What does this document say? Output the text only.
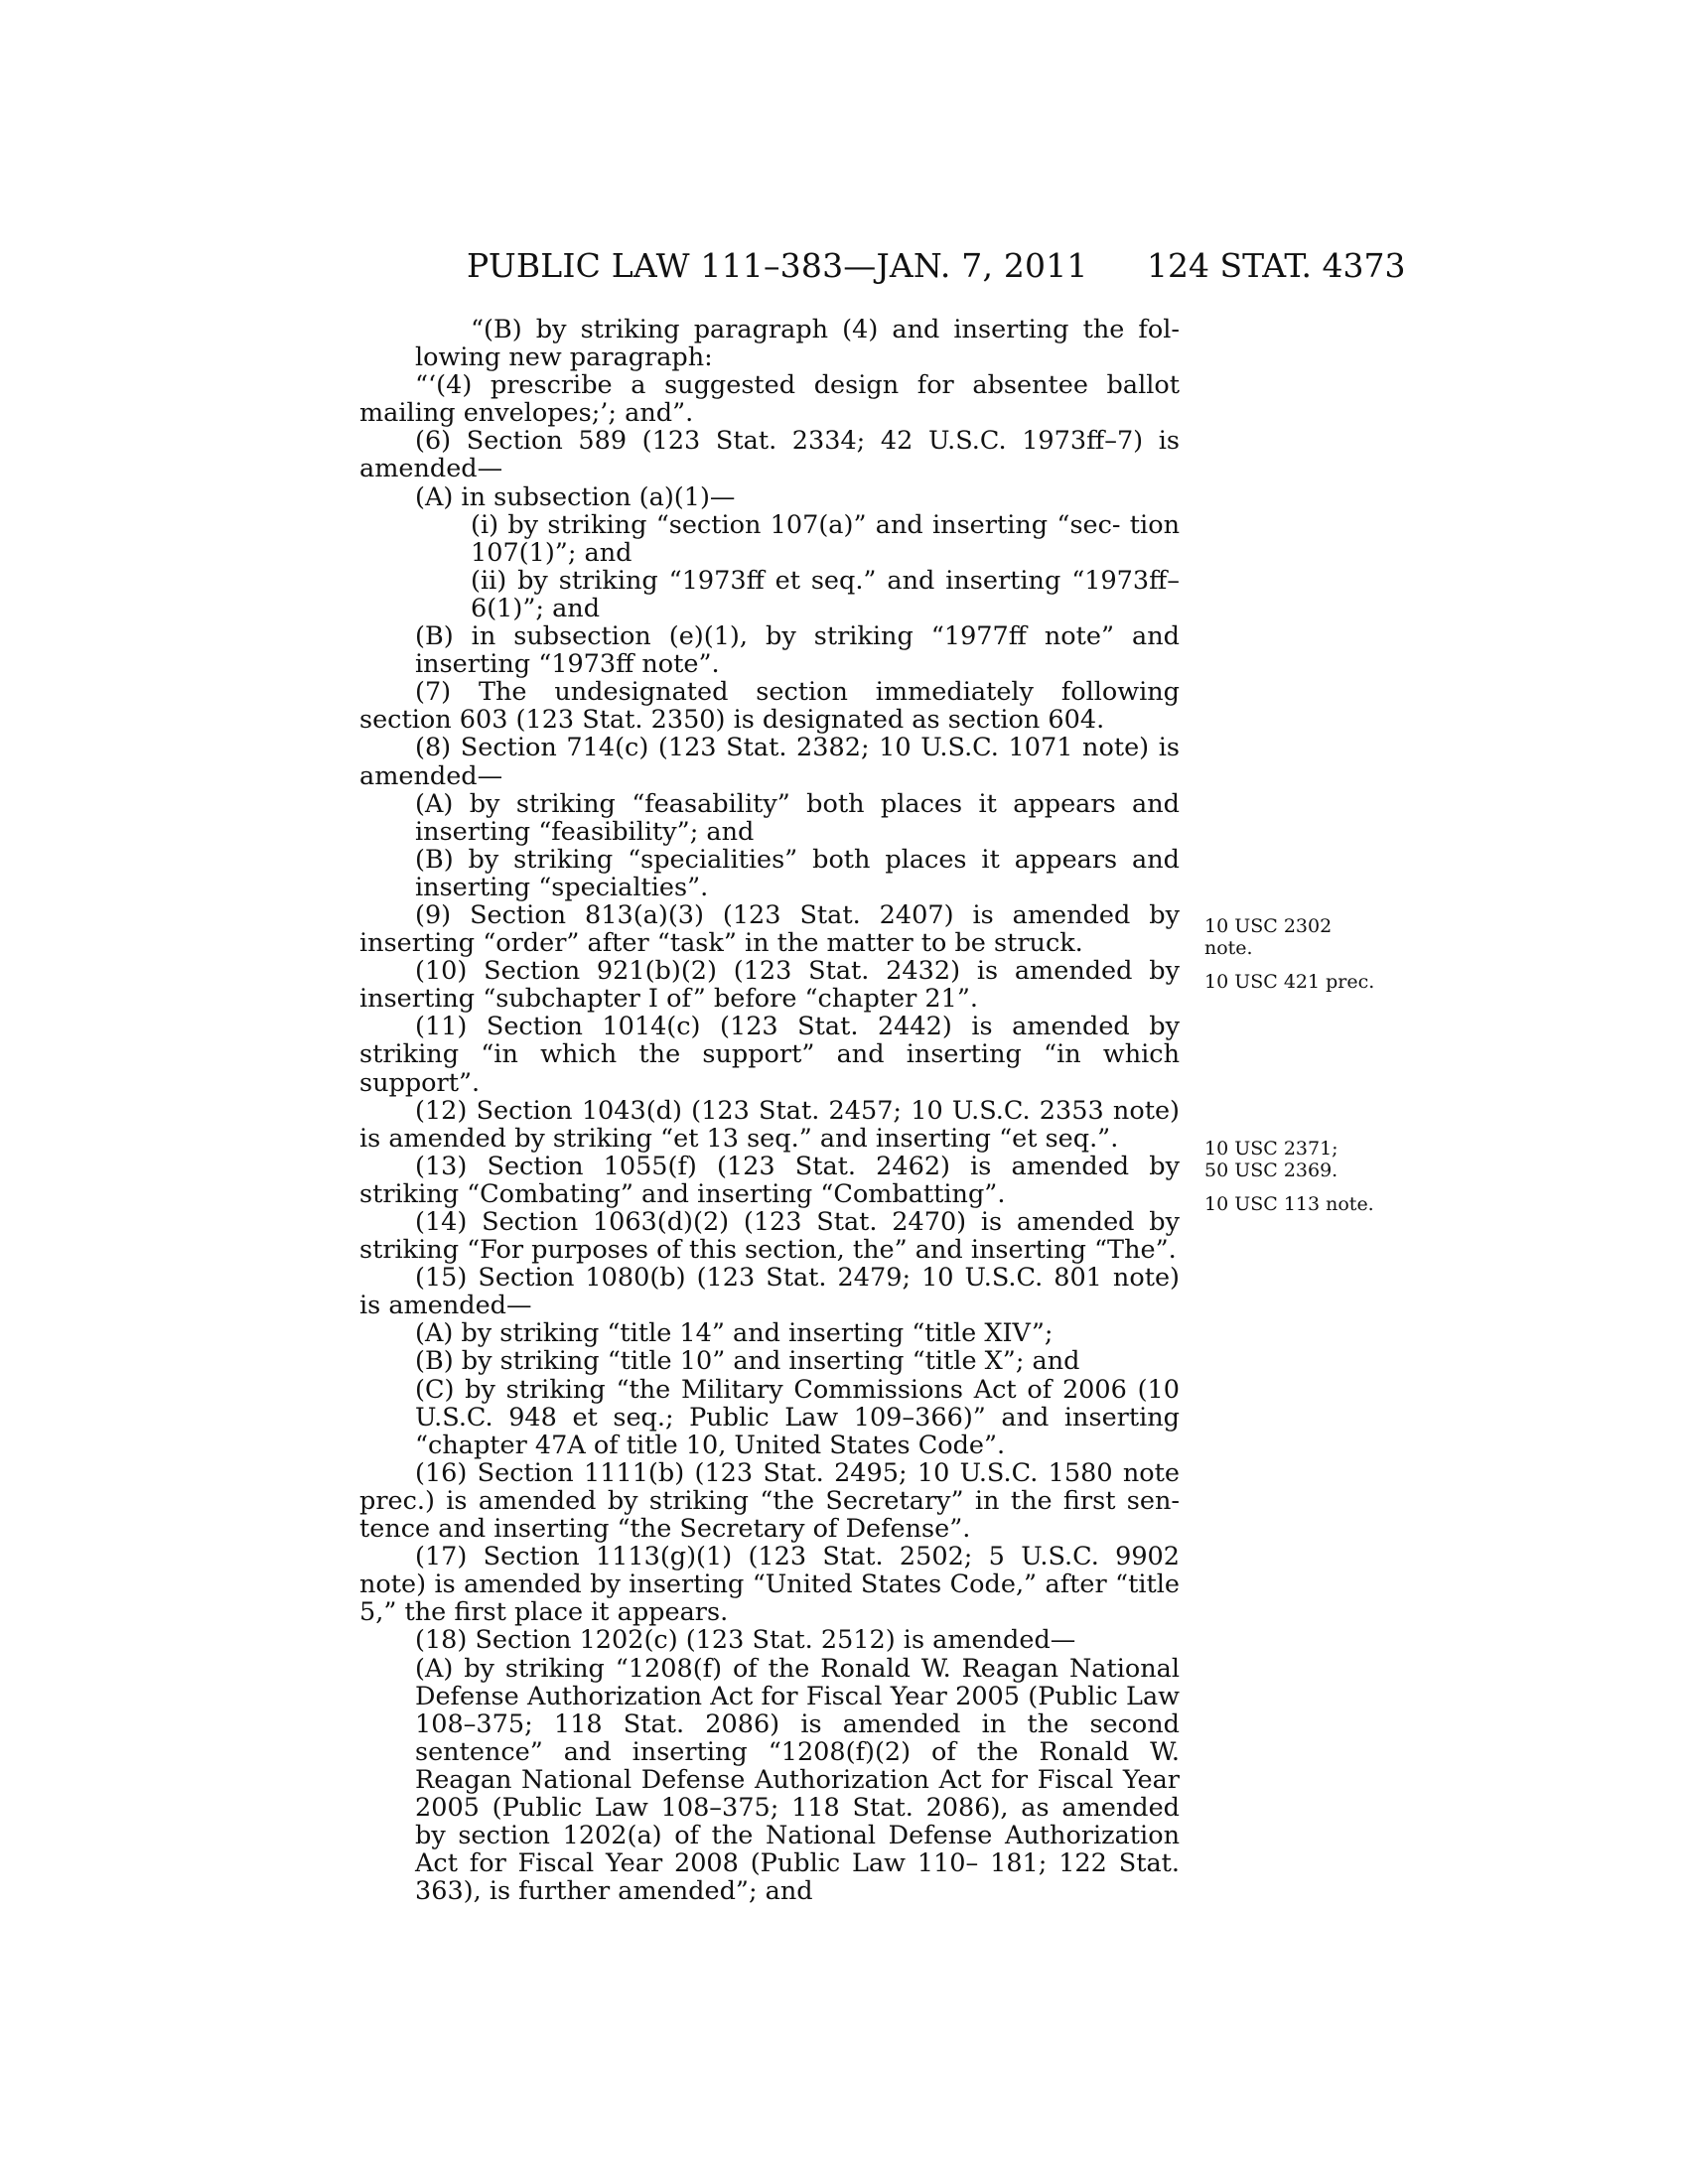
PUBLIC LAW 111–383—JAN. 7, 2011 124 STAT. 4373
“(B) by striking paragraph (4) and inserting the fol- lowing new paragraph:
“‘(4) prescribe a suggested design for absentee ballot mailing envelopes;’; and”.
(6) Section 589 (123 Stat. 2334; 42 U.S.C. 1973ff–7) is amended—
(A) in subsection (a)(1)—
(i) by striking “section 107(a)” and inserting “sec- tion 107(1)”; and
(ii) by striking “1973ff et seq.” and inserting “1973ff–6(1)”; and
(B) in subsection (e)(1), by striking “1977ff note” and inserting “1973ff note”.
(7) The undesignated section immediately following section 603 (123 Stat. 2350) is designated as section 604.
(8) Section 714(c) (123 Stat. 2382; 10 U.S.C. 1071 note) is amended—
(A) by striking “feasability” both places it appears and inserting “feasibility”; and
(B) by striking “specialities” both places it appears and inserting “specialties”.
(9) Section 813(a)(3) (123 Stat. 2407) is amended by inserting “order” after “task” in the matter to be struck.
(10) Section 921(b)(2) (123 Stat. 2432) is amended by inserting “subchapter I of” before “chapter 21”.
(11) Section 1014(c) (123 Stat. 2442) is amended by striking “in which the support” and inserting “in which support”.
(12) Section 1043(d) (123 Stat. 2457; 10 U.S.C. 2353 note) is amended by striking “et 13 seq.” and inserting “et seq.”.
(13) Section 1055(f) (123 Stat. 2462) is amended by striking “Combating” and inserting “Combatting”.
(14) Section 1063(d)(2) (123 Stat. 2470) is amended by striking “For purposes of this section, the” and inserting “The”.
(15) Section 1080(b) (123 Stat. 2479; 10 U.S.C. 801 note) is amended—
(A) by striking “title 14” and inserting “title XIV”;
(B) by striking “title 10” and inserting “title X”; and
(C) by striking “the Military Commissions Act of 2006 (10 U.S.C. 948 et seq.; Public Law 109–366)” and inserting “chapter 47A of title 10, United States Code”.
(16) Section 1111(b) (123 Stat. 2495; 10 U.S.C. 1580 note prec.) is amended by striking “the Secretary” in the first sen- tence and inserting “the Secretary of Defense”.
(17) Section 1113(g)(1) (123 Stat. 2502; 5 U.S.C. 9902 note) is amended by inserting “United States Code,” after “title 5,” the first place it appears.
(18) Section 1202(c) (123 Stat. 2512) is amended—
(A) by striking “1208(f) of the Ronald W. Reagan National Defense Authorization Act for Fiscal Year 2005 (Public Law 108–375; 118 Stat. 2086) is amended in the second sentence” and inserting “1208(f)(2) of the Ronald W. Reagan National Defense Authorization Act for Fiscal Year 2005 (Public Law 108–375; 118 Stat. 2086), as amended by section 1202(a) of the National Defense Authorization Act for Fiscal Year 2008 (Public Law 110– 181; 122 Stat. 363), is further amended”; and
10 USC 2302
note.
10 USC 421 prec.
10 USC 2371;
50 USC 2369.
10 USC 113 note.
